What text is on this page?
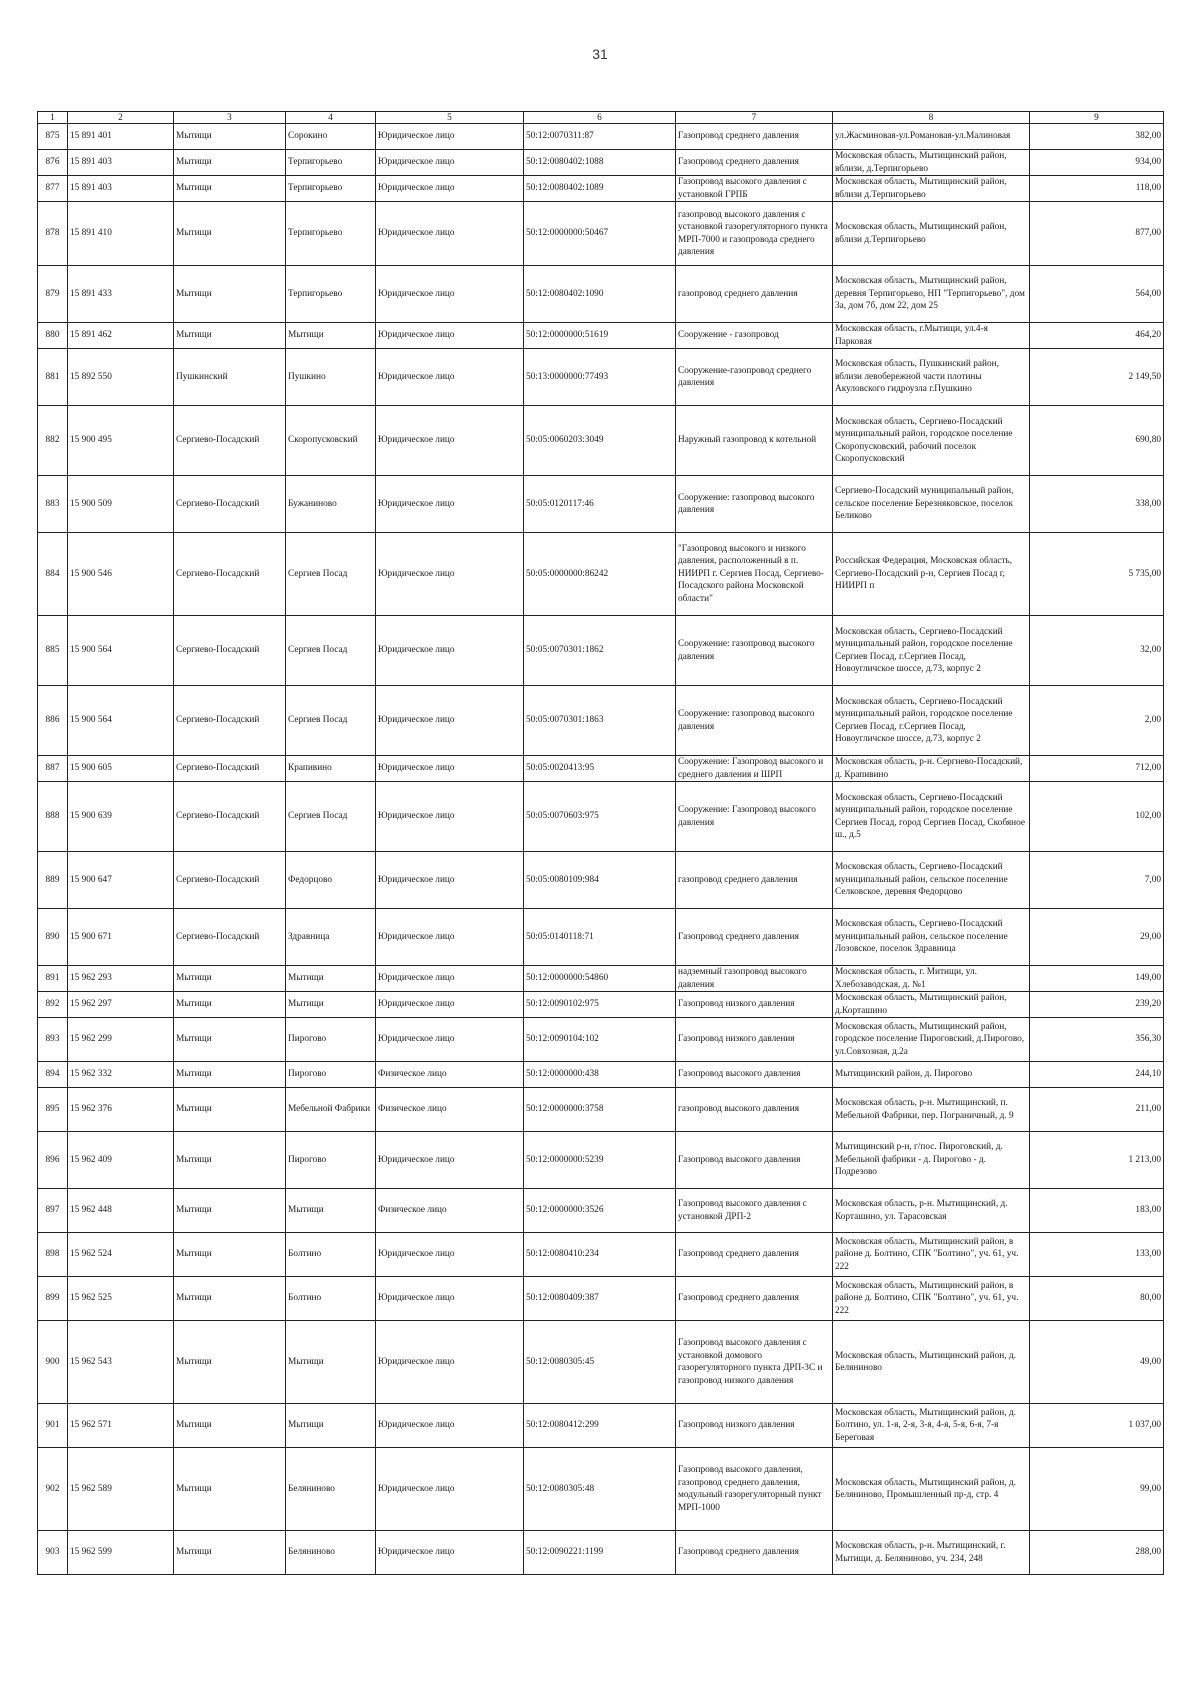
31
1	2	3	4	5	6	7	8	9
875	15 891 401	Мытищи	Сорокино	Юридическое лицо	50:12:0070311:87	Газопровод среднего давления	ул.Жасминовая-ул.Романовая-ул.Малиновая	382,00
876	15 891 403	Мытищи	Терпигорьево	Юридическое лицо	50:12:0080402:1088	Газопровод среднего давления	Московская область, Мытищинский район, вблизи, д.Терпигорьево	934,00
877	15 891 403	Мытищи	Терпигорьево	Юридическое лицо	50:12:0080402:1089	Газопровод высокого давления с установкой ГРПБ	Московская область, Мытищинский район, вблизи д.Терпигорьево	118,00
878	15 891 410	Мытищи	Терпигорьево	Юридическое лицо	50:12:0000000:50467	газопровод высокого давления с установкой газорегуляторного пункта МРП-7000 и газопровода среднего давления	Московская область, Мытищинский район, вблизи д.Терпигорьево	877,00
879	15 891 433	Мытищи	Терпигорьево	Юридическое лицо	50:12:0080402:1090	газопровод среднего давления	Московская область, Мытищинский район, деревня Терпигорьево, НП "Терпигорьево", дом 3а, дом 7б, дом 22, дом 25	564,00
880	15 891 462	Мытищи	Мытищи	Юридическое лицо	50:12:0000000:51619	Сооружение - газопровод	Московская область, г.Мытищи, ул.4-я Парковая	464,20
881	15 892 550	Пушкинский	Пушкино	Юридическое лицо	50:13:0000000:77493	Сооружение-газопровод среднего давления	Московская область, Пушкинский район, вблизи левобережной части плотины Акуловского гидроузла г.Пушкино	2 149,50
882	15 900 495	Сергиево-Посадский	Скоропусковский	Юридическое лицо	50:05:0060203:3049	Наружный газопровод к котельной	Московская область, Сергиево-Посадский муниципальный район, городское поселение Скоропусковский, рабочий поселок Скоропусковский	690,80
883	15 900 509	Сергиево-Посадский	Бужаниново	Юридическое лицо	50:05:0120117:46	Сооружение: газопровод высокого давления	Сергиево-Посадский муниципальный район, сельское поселение Березняковское, поселок Беликово	338,00
884	15 900 546	Сергиево-Посадский	Сергиев Посад	Юридическое лицо	50:05:0000000:86242	"Газопровод высокого и низкого давления, расположенный в п. НИИРП г. Сергиев Посад, Сергиево-Посадского района Московской области"	Российская Федерация, Московская область, Сергиево-Посадский р-н, Сергиев Посад г, НИИРП п	5 735,00
885	15 900 564	Сергиево-Посадский	Сергиев Посад	Юридическое лицо	50:05:0070301:1862	Сооружение: газопровод высокого давления	Московская область, Сергиево-Посадский муниципальный район, городское поселение Сергиев Посад, г.Сергиев Посад, Новоугличское шоссе, д.73, корпус 2	32,00
886	15 900 564	Сергиево-Посадский	Сергиев Посад	Юридическое лицо	50:05:0070301:1863	Сооружение: газопровод высокого давления	Московская область, Сергиево-Посадский муниципальный район, городское поселение Сергиев Посад, г.Сергиев Посад, Новоугличское шоссе, д.73, корпус 2	2,00
887	15 900 605	Сергиево-Посадский	Крапивино	Юридическое лицо	50:05:0020413:95	Сооружение: Газопровод высокого и среднего давления и ШРП	Московская область, р-н. Сергиево-Посадский, д. Крапивино	712,00
888	15 900 639	Сергиево-Посадский	Сергиев Посад	Юридическое лицо	50:05:0070603:975	Сооружение: Газопровод высокого давления	Московская область, Сергиево-Посадский муниципальный район, городское поселение Сергиев Посад, город Сергиев Посад, Скобяное ш., д.5	102,00
889	15 900 647	Сергиево-Посадский	Федорцово	Юридическое лицо	50:05:0080109:984	газопровод среднего давления	Московская область, Сергиево-Посадский муниципальный район, сельское поселение Селковское, деревня Федорцово	7,00
890	15 900 671	Сергиево-Посадский	Здравница	Юридическое лицо	50:05:0140118:71	Газопровод среднего давления	Московская область, Сергиево-Посадский муниципальный район, сельское поселение Лозовское, поселок Здравница	29,00
891	15 962 293	Мытищи	Мытищи	Юридическое лицо	50:12:0000000:54860	надземный газопровод высокого давления	Московская область, г. Митищи, ул. Хлебозаводская, д. №1	149,00
892	15 962 297	Мытищи	Мытищи	Юридическое лицо	50:12:0090102:975	Газопровод низкого давления	Московская область, Мытищинский район, д.Корташино	239,20
893	15 962 299	Мытищи	Пирогово	Юридическое лицо	50:12:0090104:102	Газопровод низкого давления	Московская область, Мытищинский район, городское поселение Пироговский, д.Пирогово, ул.Совхозная, д.2а	356,30
894	15 962 332	Мытищи	Пирогово	Физическое лицо	50:12:0000000:438	Газопровод высокого давления	Мытищинский район, д. Пирогово	244,10
895	15 962 376	Мытищи	Мебельной Фабрики	Физическое лицо	50:12:0000000:3758	газопровод высокого давления	Московская область, р-н. Мытищинский, п. Мебельной Фабрики, пер. Пограничный, д. 9	211,00
896	15 962 409	Мытищи	Пирогово	Юридическое лицо	50:12:0000000:5239	Газопровод высокого давления	Мытищинский р-н, г/пос. Пироговский, д. Мебельной фабрики - д. Пирогово - д. Подрезово	1 213,00
897	15 962 448	Мытищи	Мытищи	Физическое лицо	50:12:0000000:3526	Газопровод высокого давления с установкой ДРП-2	Московская область, р-н. Мытищинский, д. Корташино, ул. Тарасовская	183,00
898	15 962 524	Мытищи	Болтино	Юридическое лицо	50:12:0080410:234	Газопровод среднего давления	Московская область, Мытищинский район, в районе д. Болтино, СПК "Болтино", уч. 61, уч. 222	133,00
899	15 962 525	Мытищи	Болтино	Юридическое лицо	50:12:0080409:387	Газопровод среднего давления	Московская область, Мытищинский район, в районе д. Болтино, СПК "Болтино", уч. 61, уч. 222	80,00
900	15 962 543	Мытищи	Мытищи	Юридическое лицо	50:12:0080305:45	Газопровод высокого давления с установкой домового газорегуляторного пункта ДРП-3С и газопровод низкого давления	Московская область, Мытищинский район, д. Беляниново	49,00
901	15 962 571	Мытищи	Мытищи	Юридическое лицо	50:12:0080412:299	Газопровод низкого давления	Московская область, Мытищинский район, д. Болтино, ул. 1-я, 2-я, 3-я, 4-я, 5-я, 6-я, 7-я Береговая	1 037,00
902	15 962 589	Мытищи	Беляниново	Юридическое лицо	50:12:0080305:48	Газопровод высокого давления, газопровод среднего давления, модульный газорегуляторный пункт МРП-1000	Московская область, Мытищинский район, д. Беляниново, Промышленный пр-д, стр. 4	99,00
903	15 962 599	Мытищи	Беляниново	Юридическое лицо	50:12:0090221:1199	Газопровод среднего давления	Московская область, р-н. Мытищинский, г. Мытищи, д. Беляниново, уч. 234, 248	288,00
